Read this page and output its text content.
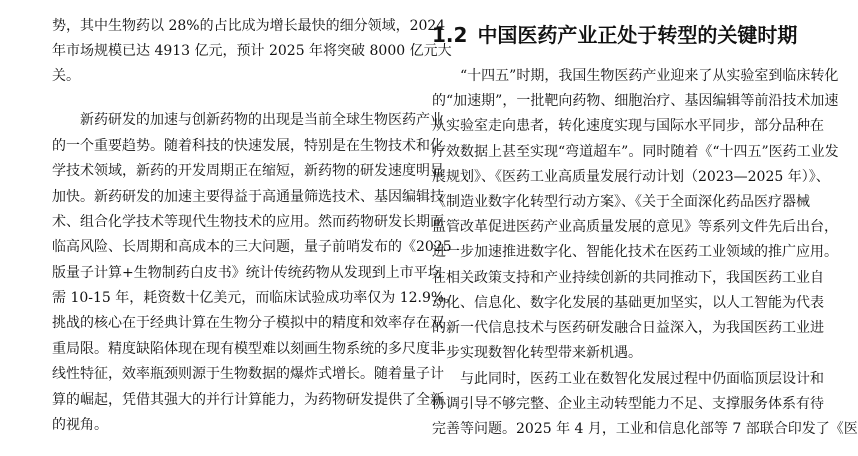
势，其中生物药以 28%的占比成为增长最快的细分领域，2024
年市场规模已达 4913 亿元，预计 2025 年将突破 8000 亿元大
关。
新药研发的加速与创新药物的出现是当前全球生物医药产业
的一个重要趋势。随着科技的快速发展，特别是在生物技术和化
学技术领域，新药的开发周期正在缩短，新药物的研发速度明显
加快。新药研发的加速主要得益于高通量筛选技术、基因编辑技
术、组合化学技术等现代生物技术的应用。然而药物研发长期面
临高风险、长周期和高成本的三大问题，量子前哨发布的《2025
版量子计算+生物制药白皮书》统计传统药物从发现到上市平均
需 10-15 年，耗资数十亿美元，而临床试验成功率仅为 12.9%。
挑战的核心在于经典计算在生物分子模拟中的精度和效率存在双
重局限。精度缺陷体现在现有模型难以刻画生物系统的多尺度非
线性特征，效率瓶颈则源于生物数据的爆炸式增长。随着量子计
算的崛起，凭借其强大的并行计算能力，为药物研发提供了全新
的视角。
1.2 中国医药产业正处于转型的关键时期
“十四五”时期，我国生物医药产业迎来了从实验室到临床转化
的“加速期”，一批靶向药物、细胞治疗、基因编辑等前沿技术加速
从实验室走向患者，转化速度实现与国际水平同步，部分品种在
疗效数据上甚至实现“弯道超车”。同时随着《“十四五”医药工业发
展规划》、《医药工业高质量发展行动计划（2023—2025 年）》、
《制造业数字化转型行动方案》、《关于全面深化药品医疗器械
监管改革促进医药产业高质量发展的意见》等系列文件先后出台，
进一步加速推进数字化、智能化技术在医药工业领域的推广应用。
在相关政策支持和产业持续创新的共同推动下，我国医药工业自
动化、信息化、数字化发展的基础更加坚实，以人工智能为代表
的新一代信息技术与医药研发融合日益深入，为我国医药工业进
一步实现数智化转型带来新机遇。
与此同时，医药工业在数智化发展过程中仍面临顶层设计和
协调引导不够完整、企业主动转型能力不足、支撑服务体系有待
完善等问题。2025 年 4 月，工业和信息化部等 7 部联合印发了《医
